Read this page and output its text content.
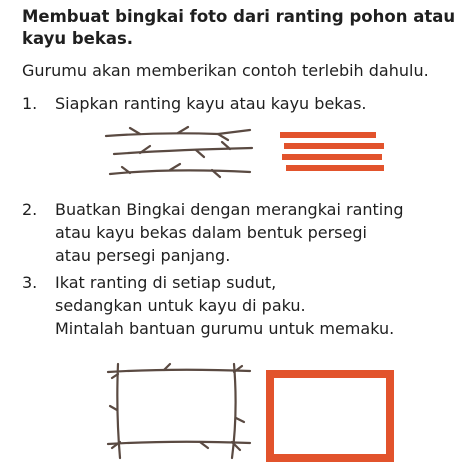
Membuat bingkai foto dari ranting pohon atau
kayu bekas.
Gurumu akan memberikan contoh terlebih dahulu.
1. Siapkan ranting kayu atau kayu bekas.
2. Buatkan Bingkai dengan merangkai ranting
atau kayu bekas dalam bentuk persegi
atau persegi panjang.
3. Ikat ranting di setiap sudut,
sedangkan untuk kayu di paku.
Mintalah bantuan gurumu untuk memaku.
